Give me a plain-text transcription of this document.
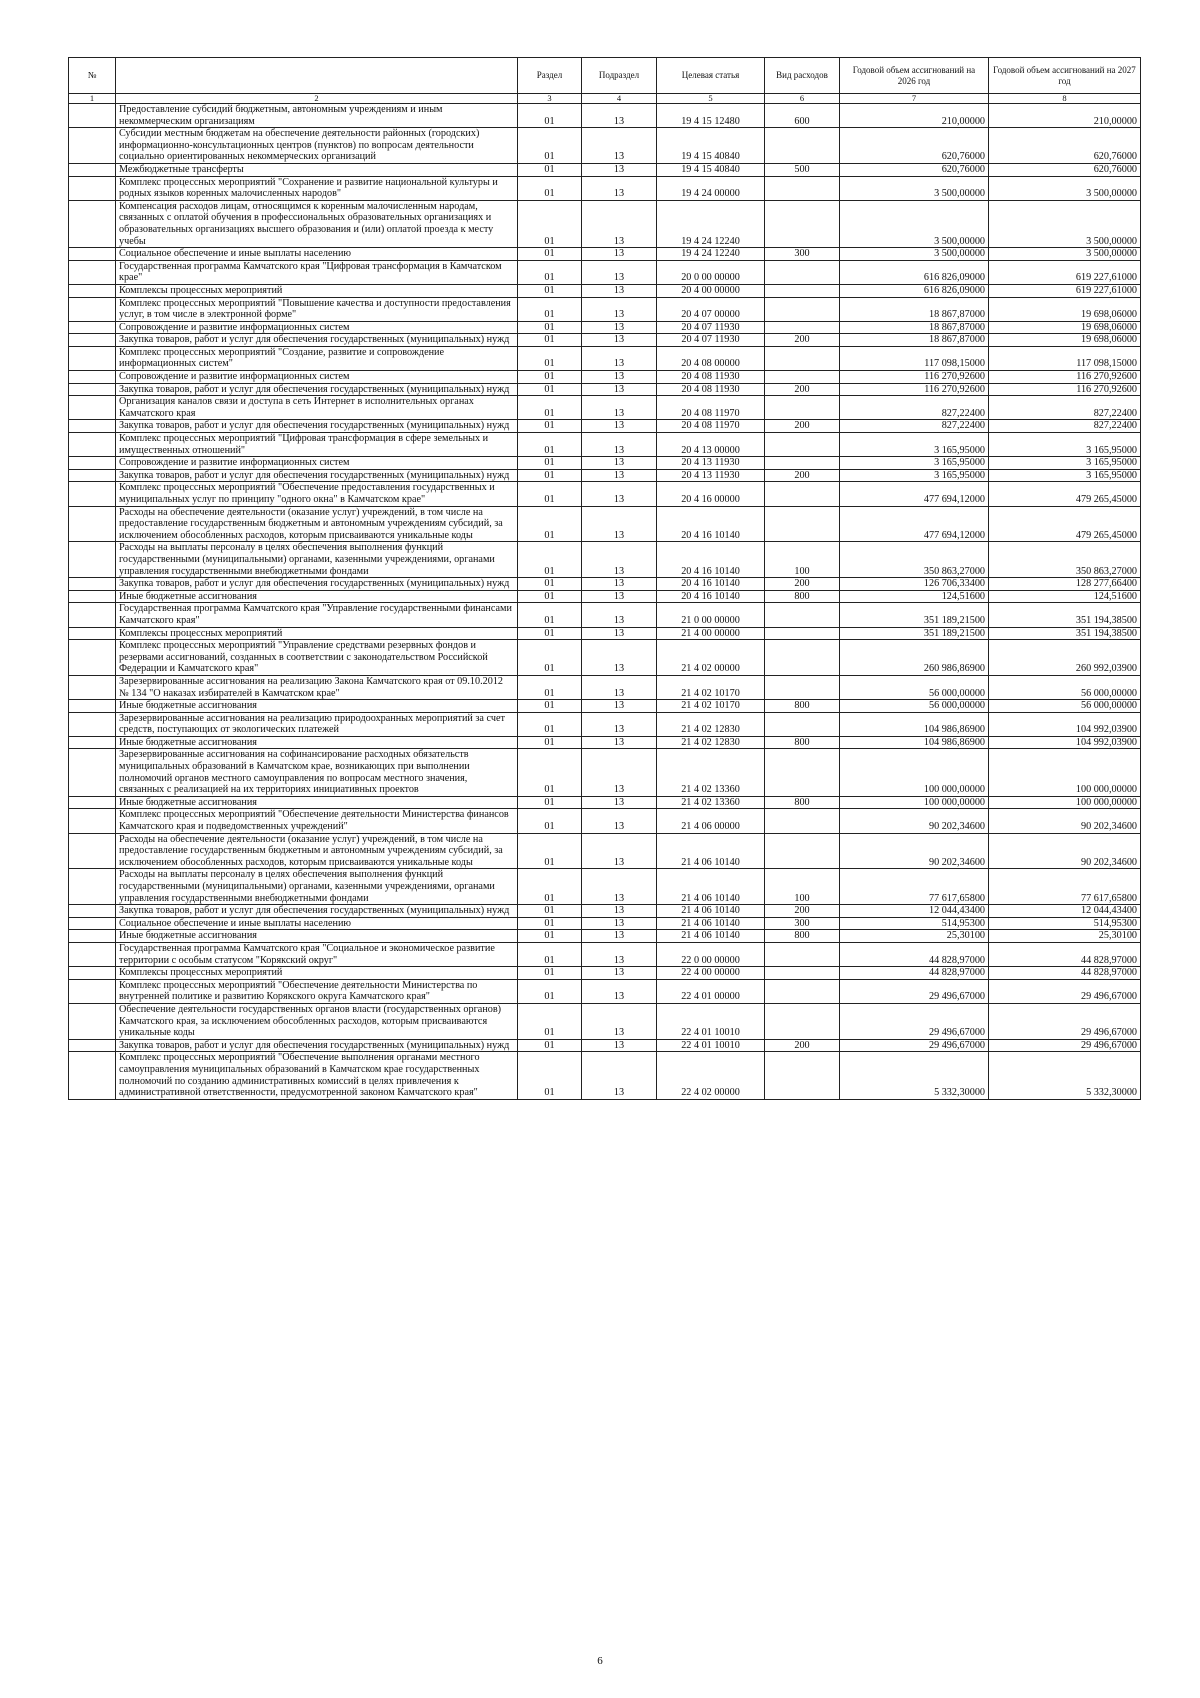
№		Раздел	Подраздел	Целевая статья	Вид расходов	Годовой объем ассигнований на 2026 год	Годовой объем ассигнований на 2027 год
1	2	3	4	5	6	7	8
	Предоставление субсидий бюджетным, автономным учреждениям и иным некоммерческим организациям	01	13	19 4 15 12480	600	210,00000	210,00000
	Субсидии местным бюджетам на обеспечение деятельности районных (городских) информационно-консультационных центров (пунктов) по вопросам деятельности социально ориентированных некоммерческих организаций	01	13	19 4 15 40840		620,76000	620,76000
	Межбюджетные трансферты	01	13	19 4 15 40840	500	620,76000	620,76000
	Комплекс процессных мероприятий "Сохранение и развитие национальной культуры и родных языков коренных малочисленных народов"	01	13	19 4 24 00000		3 500,00000	3 500,00000
	Компенсация расходов лицам, относящимся к коренным малочисленным народам, связанных с оплатой обучения в профессиональных образовательных организациях и образовательных организациях высшего образования и (или) оплатой проезда к месту учебы	01	13	19 4 24 12240		3 500,00000	3 500,00000
	Социальное обеспечение и иные выплаты населению	01	13	19 4 24 12240	300	3 500,00000	3 500,00000
	Государственная программа Камчатского края "Цифровая трансформация в Камчатском крае"	01	13	20 0 00 00000		616 826,09000	619 227,61000
	Комплексы процессных мероприятий	01	13	20 4 00 00000		616 826,09000	619 227,61000
	Комплекс процессных мероприятий "Повышение качества и доступности предоставления услуг, в том числе в электронной форме"	01	13	20 4 07 00000		18 867,87000	19 698,06000
	Сопровождение и развитие информационных систем	01	13	20 4 07 11930		18 867,87000	19 698,06000
	Закупка товаров, работ и услуг для обеспечения государственных (муниципальных) нужд	01	13	20 4 07 11930	200	18 867,87000	19 698,06000
	Комплекс процессных мероприятий "Создание, развитие и сопровождение информационных систем"	01	13	20 4 08 00000		117 098,15000	117 098,15000
	Сопровождение и развитие информационных систем	01	13	20 4 08 11930		116 270,92600	116 270,92600
	Закупка товаров, работ и услуг для обеспечения государственных (муниципальных) нужд	01	13	20 4 08 11930	200	116 270,92600	116 270,92600
	Организация каналов связи и доступа в сеть Интернет в исполнительных органах Камчатского края	01	13	20 4 08 11970		827,22400	827,22400
	Закупка товаров, работ и услуг для обеспечения государственных (муниципальных) нужд	01	13	20 4 08 11970	200	827,22400	827,22400
	Комплекс процессных мероприятий "Цифровая трансформация в сфере земельных и имущественных отношений"	01	13	20 4 13 00000		3 165,95000	3 165,95000
	Сопровождение и развитие информационных систем	01	13	20 4 13 11930		3 165,95000	3 165,95000
	Закупка товаров, работ и услуг для обеспечения государственных (муниципальных) нужд	01	13	20 4 13 11930	200	3 165,95000	3 165,95000
	Комплекс процессных мероприятий "Обеспечение предоставления государственных и муниципальных услуг по принципу "одного окна" в Камчатском крае"	01	13	20 4 16 00000		477 694,12000	479 265,45000
	Расходы на обеспечение деятельности (оказание услуг) учреждений, в том числе на предоставление государственным бюджетным и автономным учреждениям субсидий, за исключением обособленных расходов, которым присваиваются уникальные коды	01	13	20 4 16 10140		477 694,12000	479 265,45000
	Расходы на выплаты персоналу в целях обеспечения выполнения функций государственными (муниципальными) органами, казенными учреждениями, органами управления государственными внебюджетными фондами	01	13	20 4 16 10140	100	350 863,27000	350 863,27000
	Закупка товаров, работ и услуг для обеспечения государственных (муниципальных) нужд	01	13	20 4 16 10140	200	126 706,33400	128 277,66400
	Иные бюджетные ассигнования	01	13	20 4 16 10140	800	124,51600	124,51600
	Государственная программа Камчатского края "Управление государственными финансами Камчатского края"	01	13	21 0 00 00000		351 189,21500	351 194,38500
	Комплексы процессных мероприятий	01	13	21 4 00 00000		351 189,21500	351 194,38500
	Комплекс процессных мероприятий "Управление средствами резервных фондов и резервами ассигнований, созданных в соответствии с законодательством Российской Федерации и Камчатского края"	01	13	21 4 02 00000		260 986,86900	260 992,03900
	Зарезервированные ассигнования на реализацию Закона Камчатского края от 09.10.2012 № 134 "О наказах избирателей в Камчатском крае"	01	13	21 4 02 10170		56 000,00000	56 000,00000
	Иные бюджетные ассигнования	01	13	21 4 02 10170	800	56 000,00000	56 000,00000
	Зарезервированные ассигнования на реализацию природоохранных мероприятий за счет средств, поступающих от экологических платежей	01	13	21 4 02 12830		104 986,86900	104 992,03900
	Иные бюджетные ассигнования	01	13	21 4 02 12830	800	104 986,86900	104 992,03900
	Зарезервированные ассигнования на софинансирование расходных обязательств муниципальных образований в Камчатском крае, возникающих при выполнении полномочий органов местного самоуправления по вопросам местного значения, связанных с реализацией на их территориях инициативных проектов	01	13	21 4 02 13360		100 000,00000	100 000,00000
	Иные бюджетные ассигнования	01	13	21 4 02 13360	800	100 000,00000	100 000,00000
	Комплекс процессных мероприятий "Обеспечение деятельности Министерства финансов Камчатского края и подведомственных учреждений"	01	13	21 4 06 00000		90 202,34600	90 202,34600
	Расходы на обеспечение деятельности (оказание услуг) учреждений, в том числе на предоставление государственным бюджетным и автономным учреждениям субсидий, за исключением обособленных расходов, которым присваиваются уникальные коды	01	13	21 4 06 10140		90 202,34600	90 202,34600
	Расходы на выплаты персоналу в целях обеспечения выполнения функций государственными (муниципальными) органами, казенными учреждениями, органами управления государственными внебюджетными фондами	01	13	21 4 06 10140	100	77 617,65800	77 617,65800
	Закупка товаров, работ и услуг для обеспечения государственных (муниципальных) нужд	01	13	21 4 06 10140	200	12 044,43400	12 044,43400
	Социальное обеспечение и иные выплаты населению	01	13	21 4 06 10140	300	514,95300	514,95300
	Иные бюджетные ассигнования	01	13	21 4 06 10140	800	25,30100	25,30100
	Государственная программа Камчатского края "Социальное и экономическое развитие территории с особым статусом "Корякский округ"	01	13	22 0 00 00000		44 828,97000	44 828,97000
	Комплексы процессных мероприятий	01	13	22 4 00 00000		44 828,97000	44 828,97000
	Комплекс процессных мероприятий "Обеспечение деятельности Министерства по внутренней политике и развитию Корякского округа Камчатского края"	01	13	22 4 01 00000		29 496,67000	29 496,67000
	Обеспечение деятельности государственных органов власти (государственных органов) Камчатского края, за исключением обособленных расходов, которым присваиваются уникальные коды	01	13	22 4 01 10010		29 496,67000	29 496,67000
	Закупка товаров, работ и услуг для обеспечения государственных (муниципальных) нужд	01	13	22 4 01 10010	200	29 496,67000	29 496,67000
	Комплекс процессных мероприятий "Обеспечение выполнения органами местного самоуправления муниципальных образований в Камчатском крае государственных полномочий по созданию административных комиссий в целях привлечения к административной ответственности, предусмотренной законом Камчатского края"	01	13	22 4 02 00000		5 332,30000	5 332,30000
6
